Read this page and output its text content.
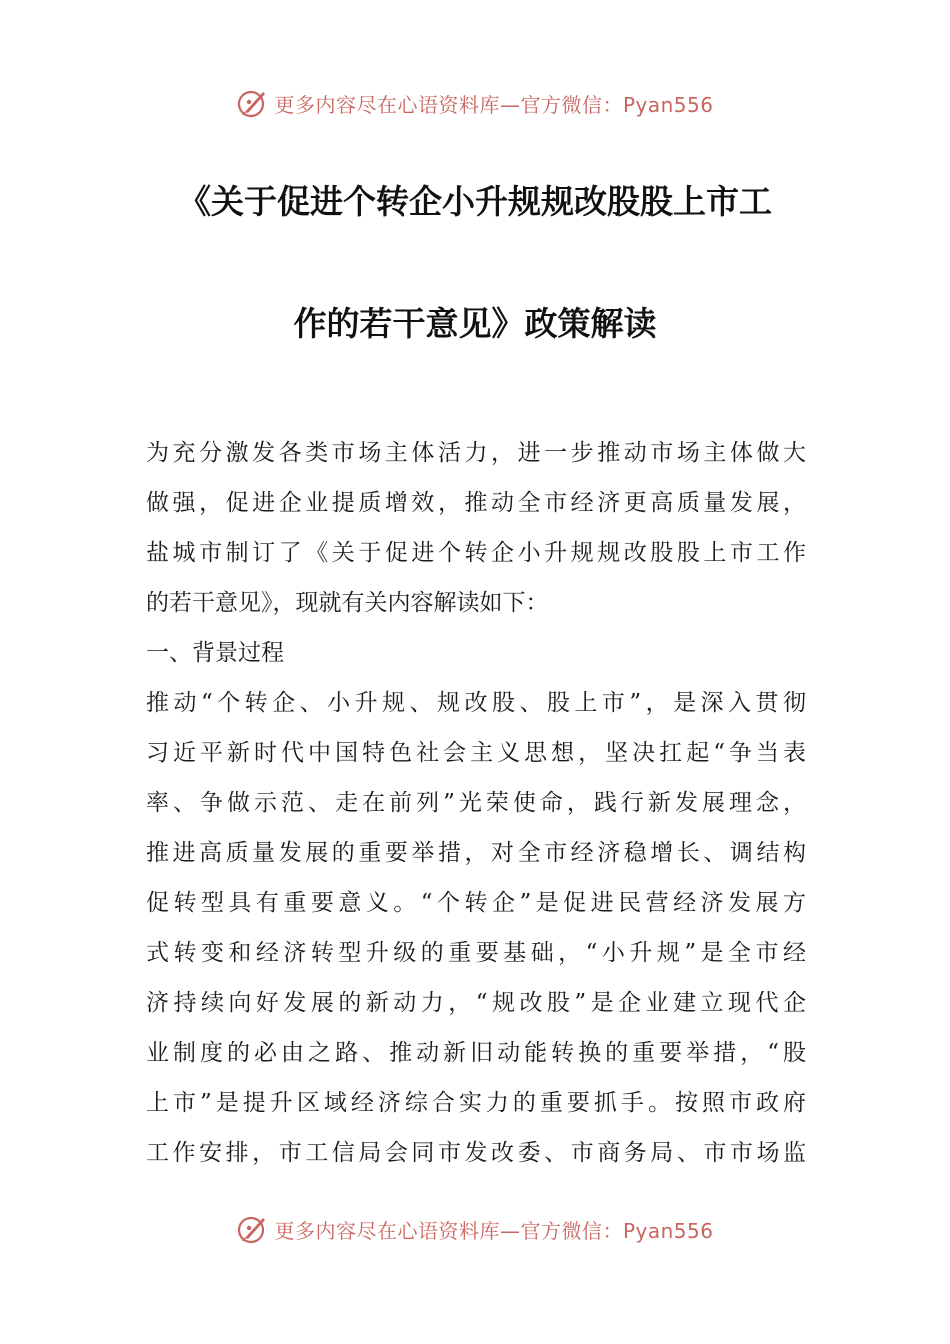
更多内容尽在心语资料库—官方微信：Pyan556
《关于促进个转企小升规规改股股上市工
作的若干意见》政策解读
为充分激发各类市场主体活力，进一步推动市场主体做大
做强，促进企业提质增效，推动全市经济更高质量发展，
盐城市制订了《关于促进个转企小升规规改股股上市工作
的若干意见》，现就有关内容解读如下：
一、背景过程
推动“个转企、小升规、规改股、股上市”，是深入贯彻
习近平新时代中国特色社会主义思想，坚决扛起“争当表
率、争做示范、走在前列”光荣使命，践行新发展理念，
推进高质量发展的重要举措，对全市经济稳增长、调结构
促转型具有重要意义。“个转企”是促进民营经济发展方
式转变和经济转型升级的重要基础，“小升规”是全市经
济持续向好发展的新动力，“规改股”是企业建立现代企
业制度的必由之路、推动新旧动能转换的重要举措，“股
上市”是提升区域经济综合实力的重要抓手。按照市政府
工作安排，市工信局会同市发改委、市商务局、市市场监
更多内容尽在心语资料库—官方微信：Pyan556
